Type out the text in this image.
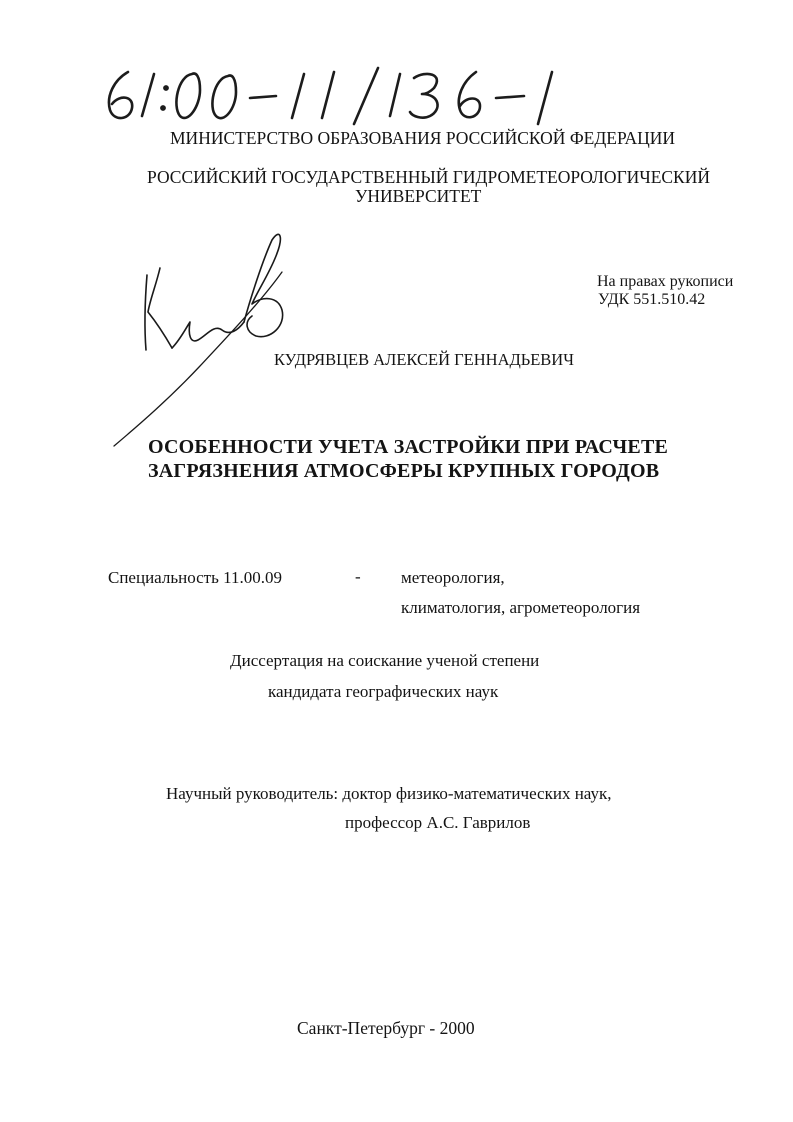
МИНИСТЕРСТВО ОБРАЗОВАНИЯ РОССИЙСКОЙ ФЕДЕРАЦИИ
РОССИЙСКИЙ ГОСУДАРСТВЕННЫЙ ГИДРОМЕТЕОРОЛОГИЧЕСКИЙ
УНИВЕРСИТЕТ
На правах рукописи
УДК 551.510.42
КУДРЯВЦЕВ АЛЕКСЕЙ ГЕННАДЬЕВИЧ
ОСОБЕННОСТИ УЧЕТА ЗАСТРОЙКИ ПРИ РАСЧЕТЕ
ЗАГРЯЗНЕНИЯ АТМОСФЕРЫ КРУПНЫХ ГОРОДОВ
Специальность 11.00.09	- метеорология,
климатология, агрометеорология
Диссертация на соискание ученой степени
кандидата географических наук
Научный руководитель: доктор физико-математических наук,
профессор А.С. Гаврилов
Санкт-Петербург - 2000
